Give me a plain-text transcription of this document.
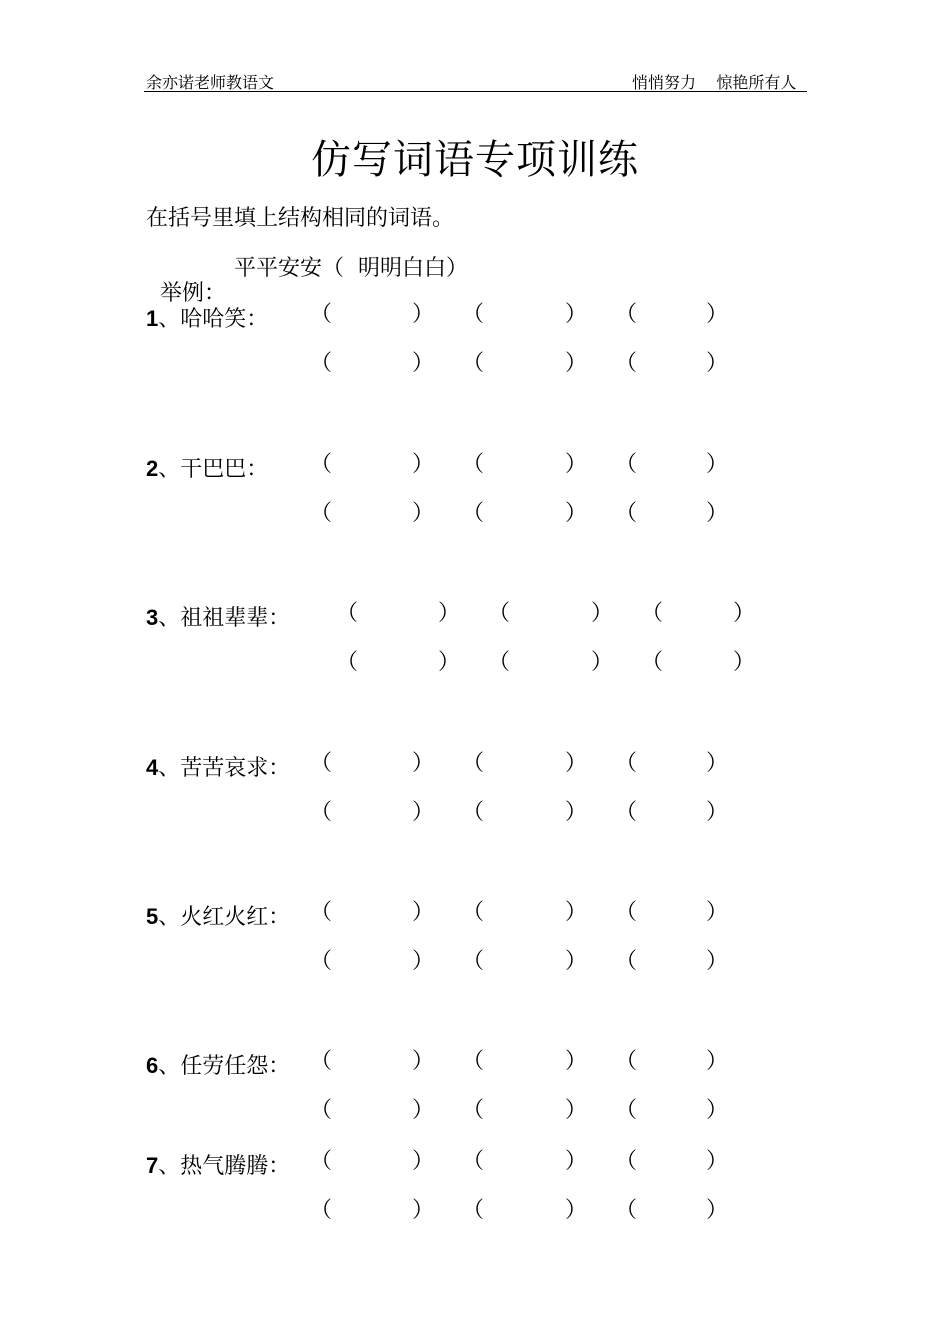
余亦诺老师教语文	悄悄努力    惊艳所有人
仿写词语专项训练
在括号里填上结构相同的词语。

举例：

平平安安（  明明白白）

1、哈哈笑： （	） （	） （	）
（	） （	） （	）
2、干巴巴： （	） （	） （	）
（	） （	） （	）
3、祖祖辈辈： （	） （	） （	）
（	） （	） （	）
4、苦苦哀求： （	） （	） （	）
（	） （	） （	）
5、火红火红： （	） （	） （	）
（	） （	） （	）
6、任劳任怨： （	） （	） （	）
（	） （	） （	）
7、热气腾腾： （	） （	） （	）
（	） （	） （	）
